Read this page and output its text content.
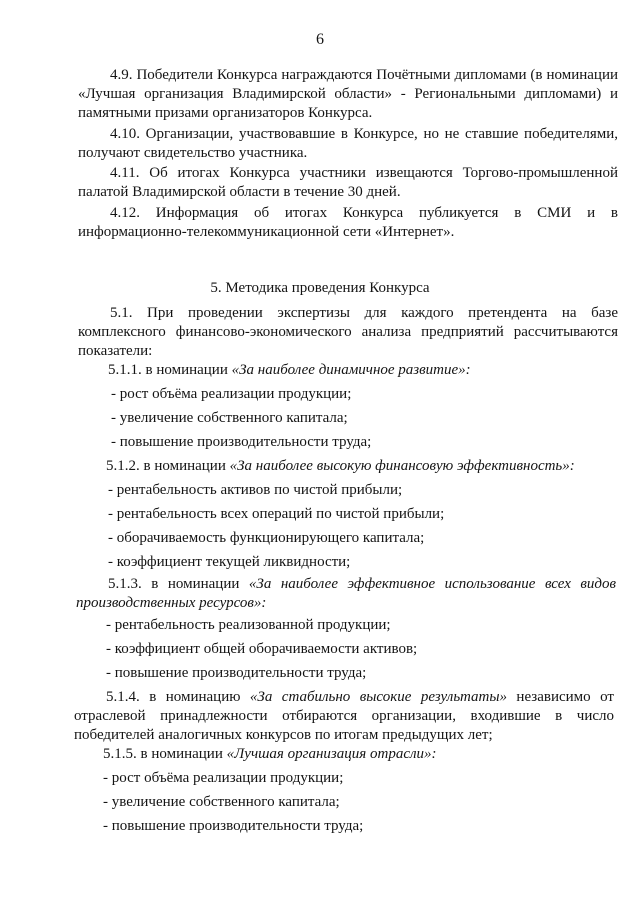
6

4.9. Победители Конкурса награждаются Почётными дипломами (в номинации «Лучшая организация Владимирской области» - Региональными дипломами) и памятными призами организаторов Конкурса.

4.10. Организации, участвовавшие в Конкурсе, но не ставшие победителями, получают свидетельство участника.

4.11. Об итогах Конкурса участники извещаются Торгово-промышленной палатой Владимирской области в течение 30 дней.

4.12. Информация об итогах Конкурса публикуется в СМИ и в информационно-телекоммуникационной сети «Интернет».

5. Методика проведения Конкурса

5.1. При проведении экспертизы для каждого претендента на базе комплексного финансово-экономического анализа предприятий рассчитываются показатели:

5.1.1. в номинации «За наиболее динамичное развитие»:
- рост объёма реализации продукции;
- увеличение собственного капитала;
- повышение производительности труда;
5.1.2. в номинации «За наиболее высокую финансовую эффективность»:
- рентабельность активов по чистой прибыли;
- рентабельность всех операций по чистой прибыли;
- оборачиваемость функционирующего капитала;
- коэффициент текущей ликвидности;

5.1.3. в номинации «За наиболее эффективное использование всех видов производственных ресурсов»:

- рентабельность реализованной продукции;
- коэффициент общей оборачиваемости активов;
- повышение производительности труда;

5.1.4. в номинацию «За стабильно высокие результаты» независимо от отраслевой принадлежности отбираются организации, входившие в число победителей аналогичных конкурсов по итогам предыдущих лет;

5.1.5. в номинации «Лучшая организация отрасли»:
- рост объёма реализации продукции;
- увеличение собственного капитала;
- повышение производительности труда;
